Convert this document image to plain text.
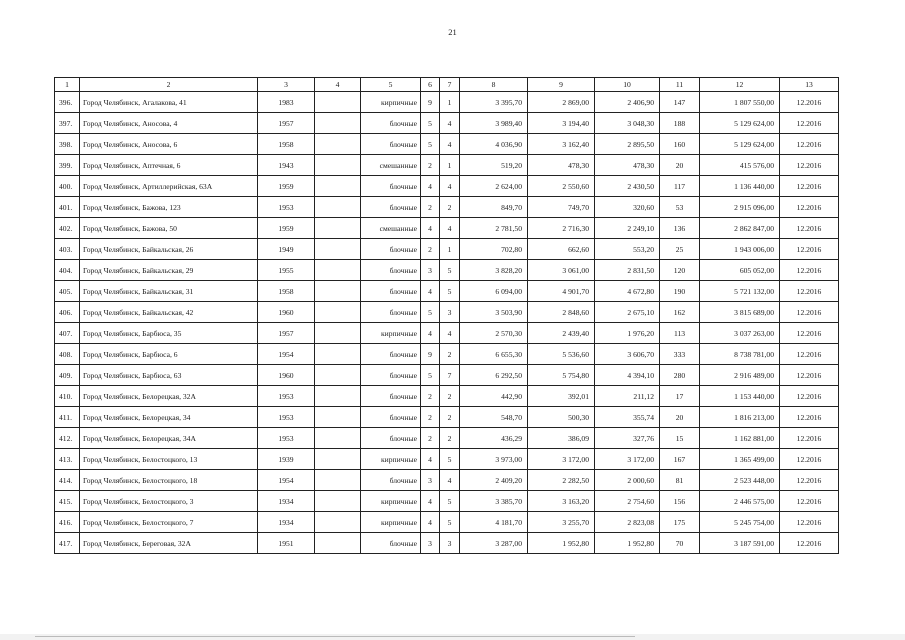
21
1	2	3	4	5	6	7	8	9	10	11	12	13
396.	Город Челябинск, Агалакова, 41	1983		кирпичные	9	1	3 395,70	2 869,00	2 406,90	147	1 807 550,00	12.2016
397.	Город Челябинск, Аносова, 4	1957		блочные	5	4	3 989,40	3 194,40	3 048,30	188	5 129 624,00	12.2016
398.	Город Челябинск, Аносова, 6	1958		блочные	5	4	4 036,90	3 162,40	2 895,50	160	5 129 624,00	12.2016
399.	Город Челябинск, Аптечная, 6	1943		смешанные	2	1	519,20	478,30	478,30	20	415 576,00	12.2016
400.	Город Челябинск, Артиллерийская, 63А	1959		блочные	4	4	2 624,00	2 550,60	2 430,50	117	1 136 440,00	12.2016
401.	Город Челябинск, Бажова, 123	1953		блочные	2	2	849,70	749,70	320,60	53	2 915 096,00	12.2016
402.	Город Челябинск, Бажова, 50	1959		смешанные	4	4	2 781,50	2 716,30	2 249,10	136	2 862 847,00	12.2016
403.	Город Челябинск, Байкальская, 26	1949		блочные	2	1	702,80	662,60	553,20	25	1 943 006,00	12.2016
404.	Город Челябинск, Байкальская, 29	1955		блочные	3	5	3 828,20	3 061,00	2 831,50	120	605 052,00	12.2016
405.	Город Челябинск, Байкальская, 31	1958		блочные	4	5	6 094,00	4 901,70	4 672,80	190	5 721 132,00	12.2016
406.	Город Челябинск, Байкальская, 42	1960		блочные	5	3	3 503,90	2 848,60	2 675,10	162	3 815 689,00	12.2016
407.	Город Челябинск, Барбюса, 35	1957		кирпичные	4	4	2 570,30	2 439,40	1 976,20	113	3 037 263,00	12.2016
408.	Город Челябинск, Барбюса, 6	1954		блочные	9	2	6 655,30	5 536,60	3 606,70	333	8 738 781,00	12.2016
409.	Город Челябинск, Барбюса, 63	1960		блочные	5	7	6 292,50	5 754,80	4 394,10	280	2 916 489,00	12.2016
410.	Город Челябинск, Белорецкая, 32А	1953		блочные	2	2	442,90	392,01	211,12	17	1 153 440,00	12.2016
411.	Город Челябинск, Белорецкая, 34	1953		блочные	2	2	548,70	500,30	355,74	20	1 816 213,00	12.2016
412.	Город Челябинск, Белорецкая, 34А	1953		блочные	2	2	436,29	386,09	327,76	15	1 162 881,00	12.2016
413.	Город Челябинск, Белостоцкого, 13	1939		кирпичные	4	5	3 973,00	3 172,00	3 172,00	167	1 365 499,00	12.2016
414.	Город Челябинск, Белостоцкого, 18	1954		блочные	3	4	2 409,20	2 282,50	2 000,60	81	2 523 448,00	12.2016
415.	Город Челябинск, Белостоцкого, 3	1934		кирпичные	4	5	3 385,70	3 163,20	2 754,60	156	2 446 575,00	12.2016
416.	Город Челябинск, Белостоцкого, 7	1934		кирпичные	4	5	4 181,70	3 255,70	2 823,08	175	5 245 754,00	12.2016
417.	Город Челябинск, Береговая, 32А	1951		блочные	3	3	3 287,00	1 952,80	1 952,80	70	3 187 591,00	12.2016
